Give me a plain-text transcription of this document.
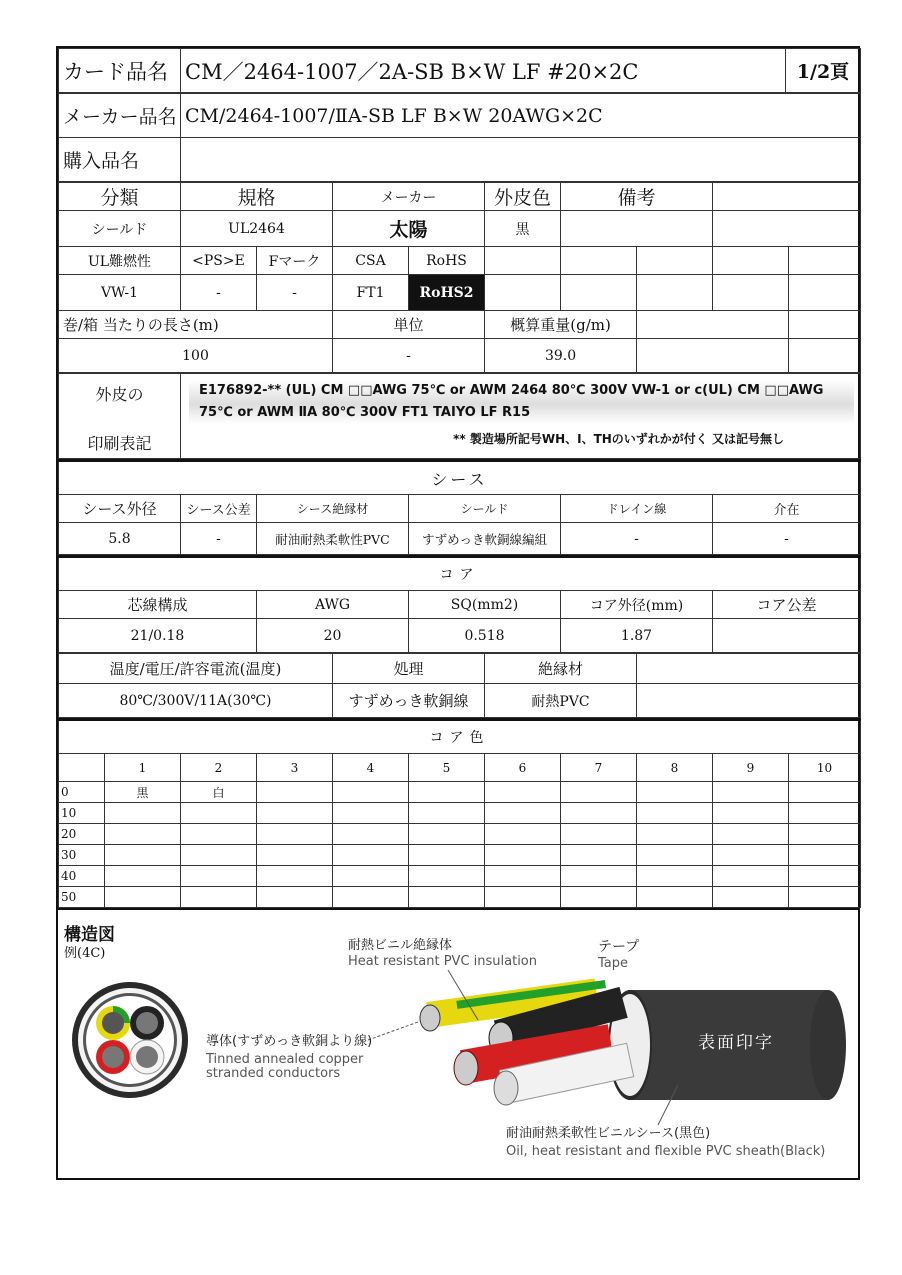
カード品名	CM／2464-1007／2A-SB B×W LF #20×2C	1/2頁
メーカー品名	CM/2464-1007/ⅡA-SB LF B×W 20AWG×2C
購入品名	
分類	規格		メーカー		外皮色	備考			
シールド	UL2464		太陽		黒				
UL難燃性	<PS>E	Fマーク	CSA	RoHS					
VW-1	-	-	FT1	RoHS2					
巻/箱 当たりの長さ(m)			単位		概算重量(g/m)				
100			-		39.0				
外皮の
印刷表記

E176892-** (UL) CM □□AWG 75℃ or AWM 2464 80℃ 300V VW-1 or c(UL) CM □□AWG 75℃ or AWM ⅡA 80℃ 300V FT1 TAIYO LF R15
** 製造場所記号WH、I、THのいずれかが付く 又は記号無し
シース					
シース外径	シース公差	シース絶縁材	シールド	ドレイン線	介在
5.8	-	耐油耐熱柔軟性PVC	すずめっき軟銅線編組	-	-
コア				
芯線構成	AWG	SQ(mm2)	コア外径(mm)	コア公差
21/0.18	20	0.518	1.87	
温度/電圧/許容電流(温度)	処理	絶縁材	
80℃/300V/11A(30℃)	すずめっき軟銅線	耐熱PVC	
コア色										
	1	2	3	4	5	6	7	8	9	10
0	黒	白								
10										
20										
30										
40										
50										
構造図
例(4C)
耐熱ビニル絶縁体
Heat resistant PVC insulation
テープ
Tape
導体(すずめっき軟銅より線)
Tinned annealed copper
stranded conductors
表面印字
耐油耐熱柔軟性ビニルシース(黒色)
Oil, heat resistant and flexible PVC sheath(Black)
